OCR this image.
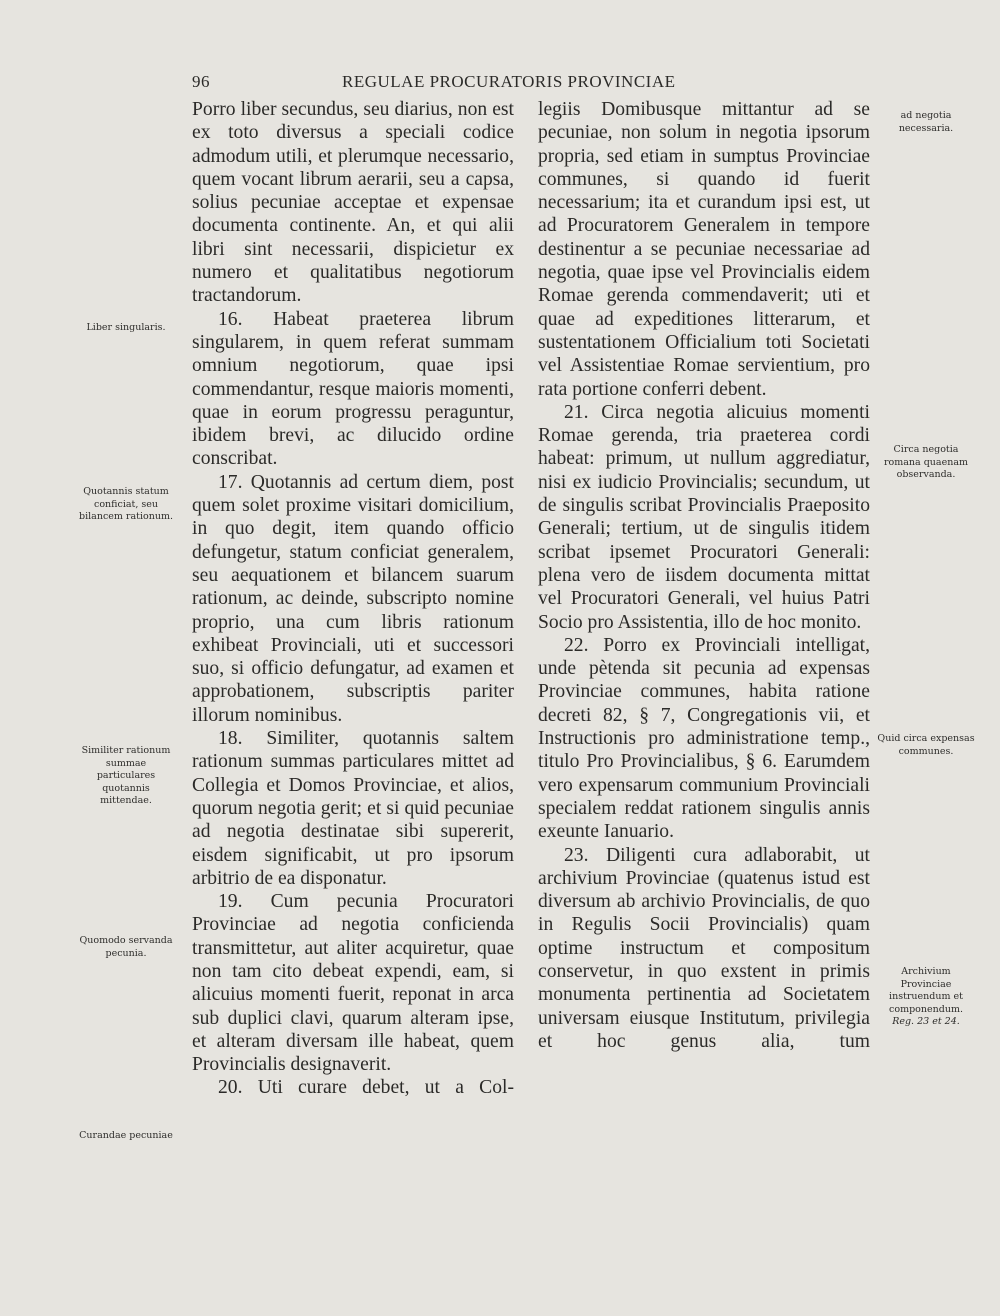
96	REGULAE PROCURATORIS PROVINCIAE
Liber singularis.
Quotannis statum conficiat, seu bilancem rationum.
Similiter rationum summae particulares quotannis mittendae.
Quomodo servanda pecunia.
Curandae pecuniae
ad negotia necessaria.
Circa negotia romana quaenam observanda.
Quid circa expensas communes.
Archivium Provinciae instruendum et componendum.
Reg. 23 et 24.

Porro liber secundus, seu diarius, non est ex toto diversus a speciali codice admodum utili, et plerumque necessario, quem vocant librum aerarii, seu a capsa, solius pecuniae acceptae et expensae documenta continente. An, et qui alii libri sint necessarii, dispicietur ex numero et qualitatibus negotiorum tractandorum.

16. Habeat praeterea librum singularem, in quem referat summam omnium negotiorum, quae ipsi commendantur, resque maioris momenti, quae in eorum progressu peraguntur, ibidem brevi, ac dilucido ordine conscribat.

17. Quotannis ad certum diem, post quem solet proxime visitari domicilium, in quo degit, item quando officio defungetur, statum conficiat generalem, seu aequationem et bilancem suarum rationum, ac deinde, subscripto nomine proprio, una cum libris rationum exhibeat Provinciali, uti et successori suo, si officio defungatur, ad examen et approbationem, subscriptis pariter illorum nominibus.

18. Similiter, quotannis saltem rationum summas particulares mittet ad Collegia et Domos Provinciae, et alios, quorum negotia gerit; et si quid pecuniae ad negotia destinatae sibi supererit, eisdem significabit, ut pro ipsorum arbitrio de ea disponatur.

19. Cum pecunia Procuratori Provinciae ad negotia conficienda transmittetur, aut aliter acquiretur, quae non tam cito debeat expendi, eam, si alicuius momenti fuerit, reponat in arca sub duplici clavi, quarum alteram ipse, et alteram diversam ille habeat, quem Provincialis designaverit.

20. Uti curare debet, ut a Col-

legiis Domibusque mittantur ad se pecuniae, non solum in negotia ipsorum propria, sed etiam in sumptus Provinciae communes, si quando id fuerit necessarium; ita et curandum ipsi est, ut ad Procuratorem Generalem in tempore destinentur a se pecuniae necessariae ad negotia, quae ipse vel Provincialis eidem Romae gerenda commendaverit; uti et quae ad expeditiones litterarum, et sustentationem Officialium toti Societati vel Assistentiae Romae servientium, pro rata portione conferri debent.

21. Circa negotia alicuius momenti Romae gerenda, tria praeterea cordi habeat: primum, ut nullum aggrediatur, nisi ex iudicio Provincialis; secundum, ut de singulis scribat Provincialis Praeposito Generali; tertium, ut de singulis itidem scribat ipsemet Procuratori Generali: plena vero de iisdem documenta mittat vel Procuratori Generali, vel huius Patri Socio pro Assistentia, illo de hoc monito.

22. Porro ex Provinciali intelligat, unde pètenda sit pecunia ad expensas Provinciae communes, habita ratione decreti 82, § 7, Congregationis vii, et Instructionis pro administratione temp., titulo Pro Provincialibus, § 6. Earumdem vero expensarum communium Provinciali specialem reddat rationem singulis annis exeunte Ianuario.

23. Diligenti cura adlaborabit, ut archivium Provinciae (quatenus istud est diversum ab archivio Provincialis, de quo in Regulis Socii Provincialis) quam optime instructum et compositum conservetur, in quo exstent in primis monumenta pertinentia ad Societatem universam eiusque Institutum, privilegia et hoc genus alia, tum
